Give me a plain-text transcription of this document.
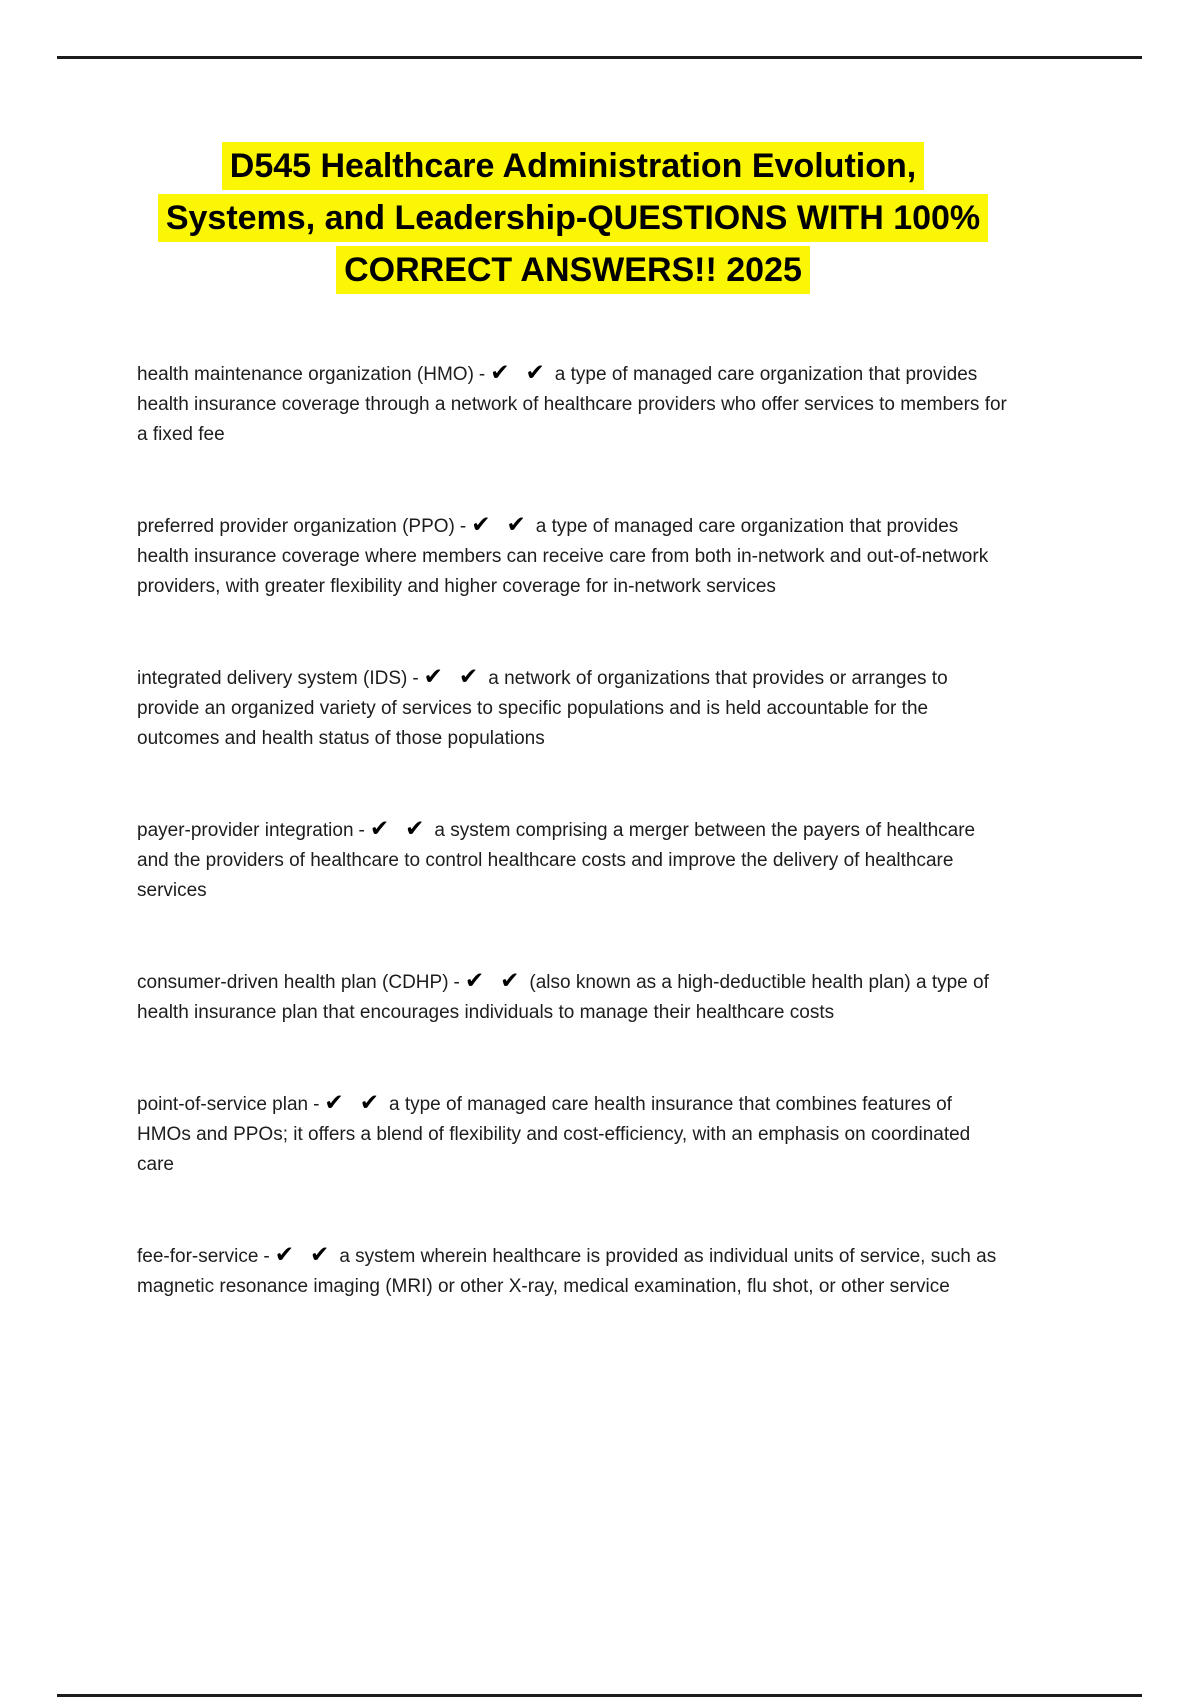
D545 Healthcare Administration Evolution,
Systems, and Leadership-QUESTIONS WITH 100%
CORRECT ANSWERS!! 2025

health maintenance organization (HMO) - ✔ ✔ a type of managed care organization that provides health insurance coverage through a network of healthcare providers who offer services to members for a fixed fee

preferred provider organization (PPO) - ✔ ✔ a type of managed care organization that provides health insurance coverage where members can receive care from both in-network and out-of-network providers, with greater flexibility and higher coverage for in-network services

integrated delivery system (IDS) - ✔ ✔ a network of organizations that provides or arranges to provide an organized variety of services to specific populations and is held accountable for the outcomes and health status of those populations

payer-provider integration - ✔ ✔ a system comprising a merger between the payers of healthcare and the providers of healthcare to control healthcare costs and improve the delivery of healthcare services

consumer-driven health plan (CDHP) - ✔ ✔ (also known as a high-deductible health plan) a type of health insurance plan that encourages individuals to manage their healthcare costs

point-of-service plan - ✔ ✔ a type of managed care health insurance that combines features of HMOs and PPOs; it offers a blend of flexibility and cost-efficiency, with an emphasis on coordinated care

fee-for-service - ✔ ✔ a system wherein healthcare is provided as individual units of service, such as magnetic resonance imaging (MRI) or other X-ray, medical examination, flu shot, or other service
